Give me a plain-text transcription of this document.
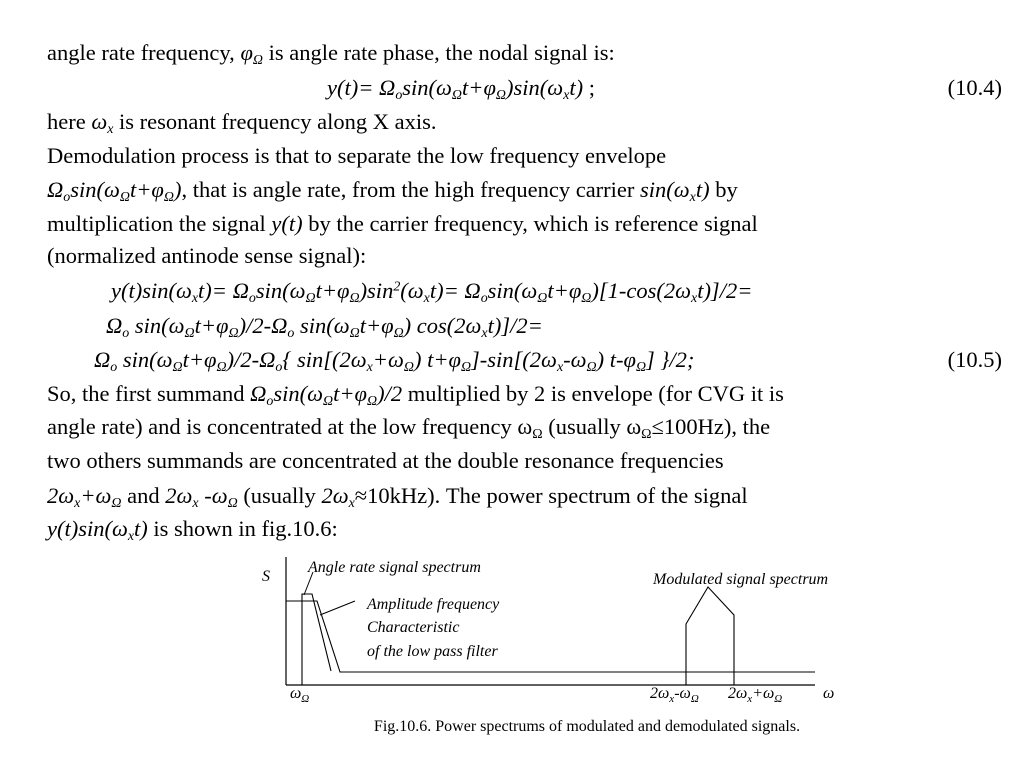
angle rate frequency, $\varphi_\Omega$ is angle rate phase, the nodal signal is:
$y(t)= \Omega_o\sin(\omega_\Omega t+\varphi_\Omega)\sin(\omega_xt)$ ;	(10.4)
here $\omega_x$ is resonant frequency along X axis.
Demodulation process is that to separate the low frequency envelope
$\Omega_o\sin(\omega_\Omega t+\varphi_\Omega)$, that is angle rate, from the high frequency carrier $\sin(\omega_xt)$ by
multiplication the signal y(t) by the carrier frequency, which is reference signal
(normalized antinode sense signal):
$y(t)\sin(\omega_xt)= \Omega_o\sin(\omega_\Omega t+\varphi_\Omega)\sin^2(\omega_xt)= \Omega_o\sin(\omega_\Omega t+\varphi_\Omega)[1-\cos(2\omega_xt)]/2=$
$\Omega_o$ $\sin(\omega_\Omega t+\varphi_\Omega)/2-\Omega_o$ $\sin(\omega_\Omega t+\varphi_\Omega)$ $\cos(2\omega_xt)]/2=$
$\Omega_o$ $\sin(\omega_\Omega t+\varphi_\Omega)/2-\Omega_o${ $\sin[(2\omega_x+\omega_\Omega)$ $t+\varphi_\Omega]-\sin[(2\omega_x-\omega_\Omega)$ $t-\varphi_\Omega$] }/2;	(10.5)
So, the first summand $\Omega_o\sin(\omega_\Omega t+\varphi_\Omega)/2$ multiplied by 2 is envelope (for CVG it is
angle rate) and is concentrated at the low frequency $\omega_\Omega$ (usually $\omega_\Omega\le 100Hz$), the
two others summands are concentrated at the double resonance frequencies
$2\omega_x+\omega_\Omega$ and $2\omega_x$ $-\omega_\Omega$ (usually $2\omega_x\approx 10kHz$). The power spectrum of the signal
$y(t)\sin(\omega_xt)$ is shown in fig.10.6:
S
Angle rate signal spectrum
Modulated signal spectrum
Amplitude frequency
Characteristic
of the low pass filter
$\omega_\Omega$	$2\omega_x-\omega_\Omega$ $2\omega_x+\omega_\Omega$	ω
Fig.10.6. Power spectrums of modulated and demodulated signals.
